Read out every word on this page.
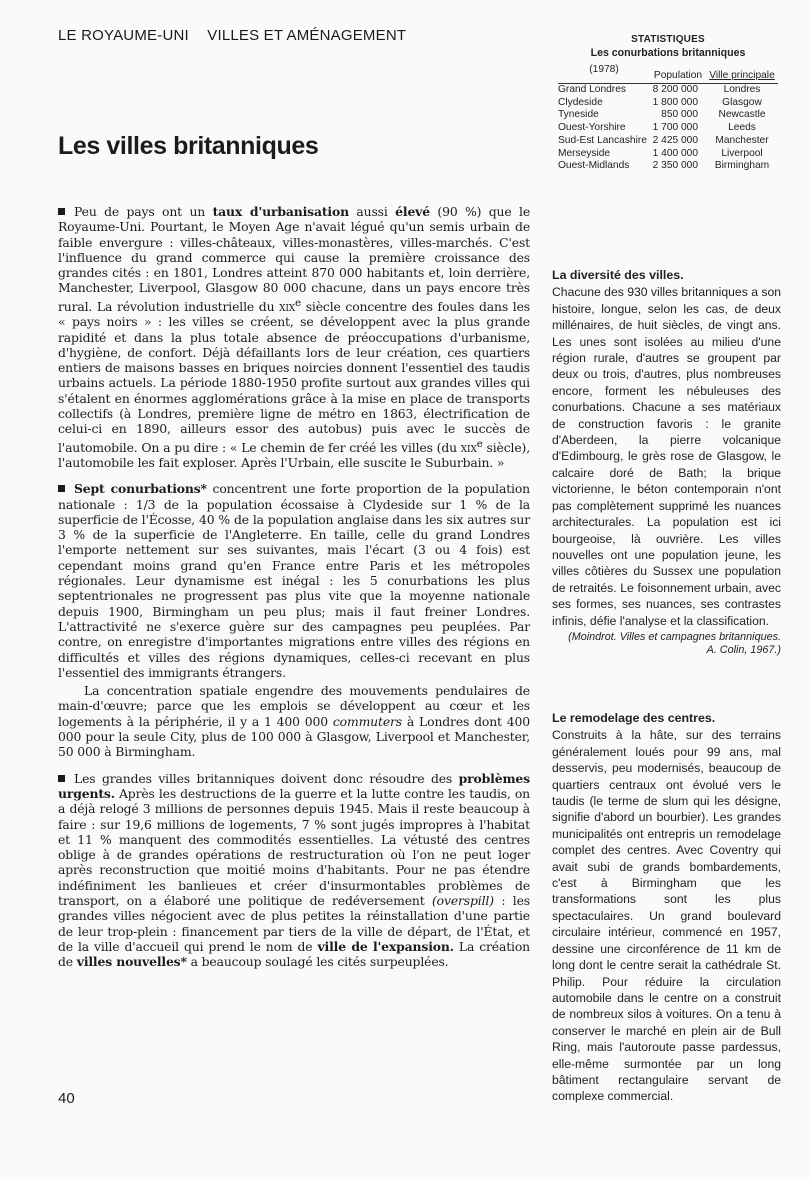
LE ROYAUME-UNI VILLES ET AMÉNAGEMENT
Les villes britanniques
STATISTIQUES
Les conurbations britanniques
(1978)	Population	Ville principale
Grand Londres	8 200 000	Londres
Clydeside	1 800 000	Glasgow
Tyneside	850 000	Newcastle
Ouest-Yorshire	1 700 000	Leeds
Sud-Est Lancashire	2 425 000	Manchester
Merseyside	1 400 000	Liverpool
Ouest-Midlands	2 350 000	Birmingham

Peu de pays ont un taux d'urbanisation aussi élevé (90 %) que le Royaume-Uni. Pourtant, le Moyen Age n'avait légué qu'un semis urbain de faible envergure : villes-châteaux, villes-monastères, villes-marchés. C'est l'influence du grand commerce qui cause la première croissance des grandes cités : en 1801, Londres atteint 870 000 habitants et, loin derrière, Manchester, Liverpool, Glasgow 80 000 chacune, dans un pays encore très rural. La révolution industrielle du xix$^e$ siècle concentre des foules dans les « pays noirs » : les villes se créent, se développent avec la plus grande rapidité et dans la plus totale absence de préoccupations d'urbanisme, d'hygiène, de confort. Déjà défaillants lors de leur création, ces quartiers entiers de maisons basses en briques noircies donnent l'essentiel des taudis urbains actuels. La période 1880-1950 profite surtout aux grandes villes qui s'étalent en énormes agglomérations grâce à la mise en place de transports collectifs (à Londres, première ligne de métro en 1863, électrification de celui-ci en 1890, ailleurs essor des autobus) puis avec le succès de l'automobile. On a pu dire : « Le chemin de fer créé les villes (du xix$^e$ siècle), l'automobile les fait exploser. Après l'Urbain, elle suscite le Suburbain. »

Sept conurbations* concentrent une forte proportion de la population nationale : 1/3 de la population écossaise à Clydeside sur 1 % de la superficie de l'Écosse, 40 % de la population anglaise dans les six autres sur 3 % de la superficie de l'Angleterre. En taille, celle du grand Londres l'emporte nettement sur ses suivantes, mais l'écart (3 ou 4 fois) est cependant moins grand qu'en France entre Paris et les métropoles régionales. Leur dynamisme est inégal : les 5 conurbations les plus septentrionales ne progressent pas plus vite que la moyenne nationale depuis 1900, Birmingham un peu plus; mais il faut freiner Londres. L'attractivité ne s'exerce guère sur des campagnes peu peuplées. Par contre, on enregistre d'importantes migrations entre villes des régions en difficultés et villes des régions dynamiques, celles-ci recevant en plus l'essentiel des immigrants étrangers.

La concentration spatiale engendre des mouvements pendulaires de main-d'œuvre; parce que les emplois se développent au cœur et les logements à la périphérie, il y a 1 400 000 commuters à Londres dont 400 000 pour la seule City, plus de 100 000 à Glasgow, Liverpool et Manchester, 50 000 à Birmingham.

Les grandes villes britanniques doivent donc résoudre des problèmes urgents. Après les destructions de la guerre et la lutte contre les taudis, on a déjà relogé 3 millions de personnes depuis 1945. Mais il reste beaucoup à faire : sur 19,6 millions de logements, 7 % sont jugés impropres à l'habitat et 11 % manquent des commodités essentielles. La vétusté des centres oblige à de grandes opérations de restructuration où l'on ne peut loger après reconstruction que moitié moins d'habitants. Pour ne pas étendre indéfiniment les banlieues et créer d'insurmontables problèmes de transport, on a élaboré une politique de redéversement (overspill) : les grandes villes négocient avec de plus petites la réinstallation d'une partie de leur trop-plein : financement par tiers de la ville de départ, de l'État, et de la ville d'accueil qui prend le nom de ville de l'expansion. La création de villes nouvelles* a beaucoup soulagé les cités surpeuplées.

La diversité des villes.

Chacune des 930 villes britanniques a son histoire, longue, selon les cas, de deux millénaires, de huit siècles, de vingt ans. Les unes sont isolées au milieu d'une région rurale, d'autres se groupent par deux ou trois, d'autres, plus nombreuses encore, forment les nébuleuses des conurbations. Chacune a ses matériaux de construction favoris : le granite d'Aberdeen, la pierre volcanique d'Edimbourg, le grès rose de Glasgow, le calcaire doré de Bath; la brique victorienne, le béton contemporain n'ont pas complètement supprimé les nuances architecturales. La population est ici bourgeoise, là ouvrière. Les villes nouvelles ont une population jeune, les villes côtières du Sussex une population de retraités. Le foisonnement urbain, avec ses formes, ses nuances, ses contrastes infinis, défie l'analyse et la classification.

(Moindrot. Villes et campagnes britanniques.
A. Colin, 1967.)
Le remodelage des centres.

Construits à la hâte, sur des terrains généralement loués pour 99 ans, mal desservis, peu modernisés, beaucoup de quartiers centraux ont évolué vers le taudis (le terme de slum qui les désigne, signifie d'abord un bourbier). Les grandes municipalités ont entrepris un remodelage complet des centres. Avec Coventry qui avait subi de grands bombardements, c'est à Birmingham que les transformations sont les plus spectaculaires. Un grand boulevard circulaire intérieur, commencé en 1957, dessine une circonférence de 11 km de long dont le centre serait la cathédrale St. Philip. Pour réduire la circulation automobile dans le centre on a construit de nombreux silos à voitures. On a tenu à conserver le marché en plein air de Bull Ring, mais l'autoroute passe pardessus, elle-même surmontée par un long bâtiment rectangulaire servant de complexe commercial.

40
